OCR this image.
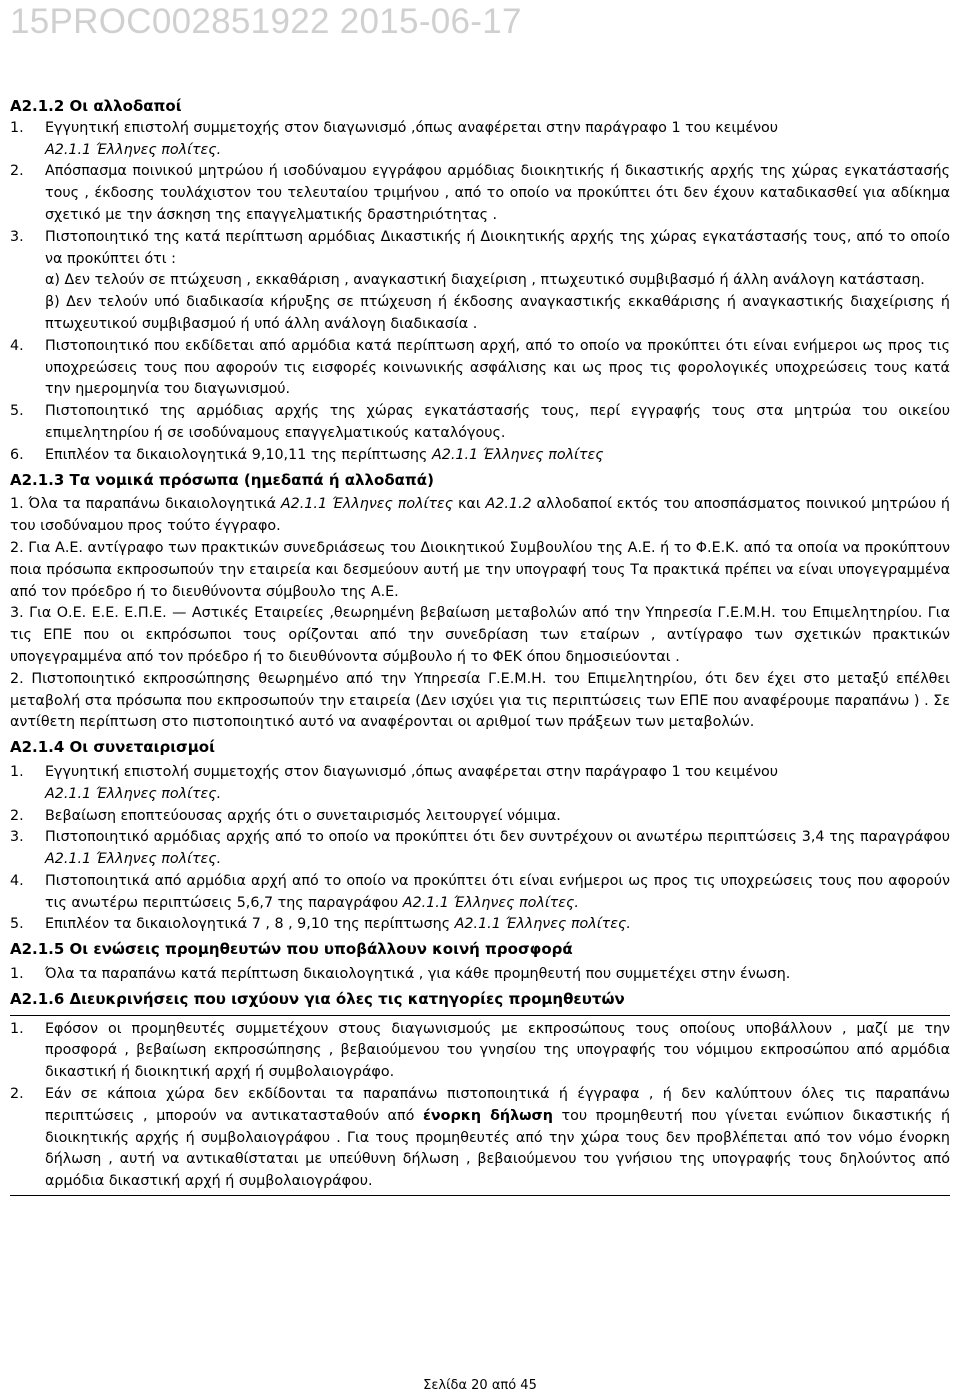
15PROC002851922 2015-06-17
Α2.1.2 Οι αλλοδαποί
1.	Εγγυητική επιστολή συμμετοχής στον διαγωνισμό ,όπως αναφέρεται στην παράγραφο 1 του κειμένου
Α2.1.1 Έλληνες πολίτες.
2.	Απόσπασμα ποινικού μητρώου ή ισοδύναμου εγγράφου αρμόδιας διοικητικής ή δικαστικής αρχής της χώρας εγκατάστασής τους , έκδοσης τουλάχιστον του τελευταίου τριμήνου , από το οποίο να προκύπτει ότι δεν έχουν καταδικασθεί για αδίκημα σχετικό με την άσκηση της επαγγελματικής δραστηριότητας .
3.	Πιστοποιητικό της κατά περίπτωση αρμόδιας Δικαστικής ή Διοικητικής αρχής της χώρας εγκατάστασής τους, από το οποίο να προκύπτει ότι :
α) Δεν τελούν σε πτώχευση , εκκαθάριση , αναγκαστική διαχείριση , πτωχευτικό συμβιβασμό ή άλλη ανάλογη κατάσταση.
β) Δεν τελούν υπό διαδικασία κήρυξης σε πτώχευση ή έκδοσης αναγκαστικής εκκαθάρισης ή αναγκαστικής διαχείρισης ή πτωχευτικού συμβιβασμού ή υπό άλλη ανάλογη διαδικασία .
4.	Πιστοποιητικό που εκδίδεται από αρμόδια κατά περίπτωση αρχή, από το οποίο να προκύπτει ότι είναι ενήμεροι ως προς τις υποχρεώσεις τους που αφορούν τις εισφορές κοινωνικής ασφάλισης και ως προς τις φορολογικές υποχρεώσεις τους κατά την ημερομηνία του διαγωνισμού.
5.	Πιστοποιητικό της αρμόδιας αρχής της χώρας εγκατάστασής τους, περί εγγραφής τους στα μητρώα του οικείου επιμελητηρίου ή σε ισοδύναμους επαγγελματικούς καταλόγους.
6.	Επιπλέον τα δικαιολογητικά 9,10,11 της περίπτωσης Α2.1.1 Έλληνες πολίτες
Α2.1.3 Τα νομικά πρόσωπα (ημεδαπά ή αλλοδαπά)
1. Όλα τα παραπάνω δικαιολογητικά Α2.1.1 Έλληνες πολίτες και Α2.1.2 αλλοδαποί εκτός του αποσπάσματος ποινικού μητρώου ή του ισοδύναμου προς τούτο έγγραφο.
2. Για Α.Ε. αντίγραφο των πρακτικών συνεδριάσεως του Διοικητικού Συμβουλίου της Α.Ε. ή το Φ.Ε.Κ. από τα οποία να προκύπτουν ποια πρόσωπα εκπροσωπούν την εταιρεία και δεσμεύουν αυτή με την υπογραφή τους Τα πρακτικά πρέπει να είναι υπογεγραμμένα από τον πρόεδρο ή το διευθύνοντα σύμβουλο της Α.Ε.
3. Για Ο.Ε. Ε.Ε. Ε.Π.Ε. — Αστικές Εταιρείες ,θεωρημένη βεβαίωση μεταβολών από την Υπηρεσία Γ.Ε.Μ.Η. του Επιμελητηρίου. Για τις ΕΠΕ που οι εκπρόσωποι τους ορίζονται από την συνεδρίαση των εταίρων , αντίγραφο των σχετικών πρακτικών υπογεγραμμένα από τον πρόεδρο ή το διευθύνοντα σύμβουλο ή το ΦΕΚ όπου δημοσιεύονται .
2. Πιστοποιητικό εκπροσώπησης θεωρημένο από την Υπηρεσία Γ.Ε.Μ.Η. του Επιμελητηρίου, ότι δεν έχει στο μεταξύ επέλθει μεταβολή στα πρόσωπα που εκπροσωπούν την εταιρεία (Δεν ισχύει για τις περιπτώσεις των ΕΠΕ που αναφέρουμε παραπάνω ) . Σε αντίθετη περίπτωση στο πιστοποιητικό αυτό να αναφέρονται οι αριθμοί των πράξεων των μεταβολών.
Α2.1.4 Οι συνεταιρισμοί
1.	Εγγυητική επιστολή συμμετοχής στον διαγωνισμό ,όπως αναφέρεται στην παράγραφο 1 του κειμένου
Α2.1.1 Έλληνες πολίτες.
2.	Βεβαίωση εποπτεύουσας αρχής ότι ο συνεταιρισμός λειτουργεί νόμιμα.
3.	Πιστοποιητικό αρμόδιας αρχής από το οποίο να προκύπτει ότι δεν συντρέχουν οι ανωτέρω περιπτώσεις 3,4 της παραγράφου Α2.1.1 Έλληνες πολίτες.
4.	Πιστοποιητικά από αρμόδια αρχή από το οποίο να προκύπτει ότι είναι ενήμεροι ως προς τις υποχρεώσεις τους που αφορούν τις ανωτέρω περιπτώσεις 5,6,7 της παραγράφου Α2.1.1 Έλληνες πολίτες.
5.	Επιπλέον τα δικαιολογητικά 7 , 8 , 9,10 της περίπτωσης Α2.1.1 Έλληνες πολίτες.
Α2.1.5 Οι ενώσεις προμηθευτών που υποβάλλουν κοινή προσφορά
1.	Όλα τα παραπάνω κατά περίπτωση δικαιολογητικά , για κάθε προμηθευτή που συμμετέχει στην ένωση.
Α2.1.6 Διευκρινήσεις που ισχύουν για όλες τις κατηγορίες προμηθευτών
1.	Εφόσον οι προμηθευτές συμμετέχουν στους διαγωνισμούς με εκπροσώπους τους οποίους υποβάλλουν , μαζί με την προσφορά , βεβαίωση εκπροσώπησης , βεβαιούμενου του γνησίου της υπογραφής του νόμιμου εκπροσώπου από αρμόδια δικαστική ή διοικητική αρχή ή συμβολαιογράφο.
2.	Εάν σε κάποια χώρα δεν εκδίδονται τα παραπάνω πιστοποιητικά ή έγγραφα , ή δεν καλύπτουν όλες τις παραπάνω περιπτώσεις , μπορούν να αντικατασταθούν από ένορκη δήλωση του προμηθευτή που γίνεται ενώπιον δικαστικής ή διοικητικής αρχής ή συμβολαιογράφου . Για τους προμηθευτές από την χώρα τους δεν προβλέπεται από τον νόμο ένορκη δήλωση , αυτή να αντικαθίσταται με υπεύθυνη δήλωση , βεβαιούμενου του γνήσιου της υπογραφής τους δηλούντος από αρμόδια δικαστική αρχή ή συμβολαιογράφου.
Σελίδα 20 από 45
